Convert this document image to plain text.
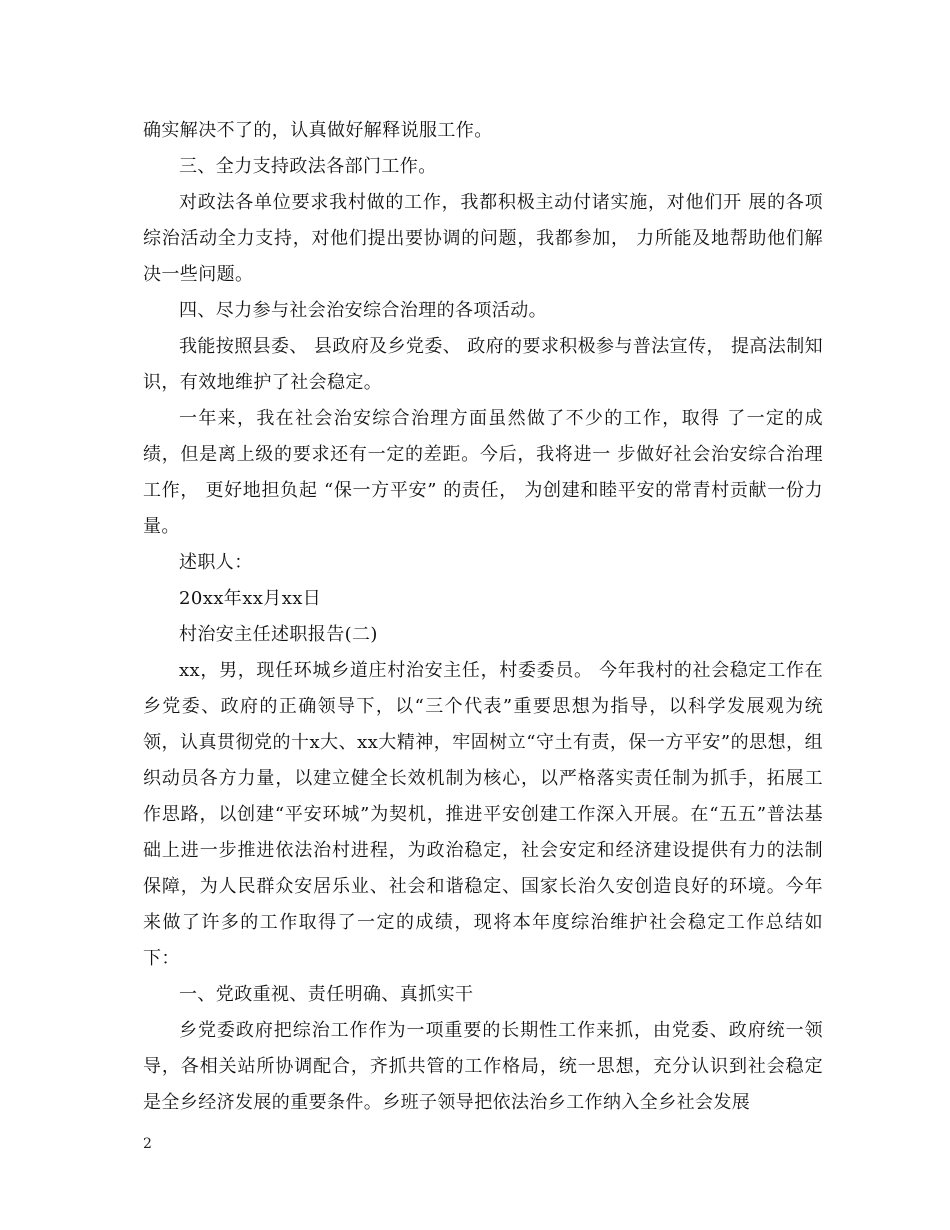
确实解决不了的，认真做好解释说服工作。

三、全力支持政法各部门工作。

对政法各单位要求我村做的工作，我都积极主动付诸实施，对他们开 展的各项综治活动全力支持，对他们提出要协调的问题，我都参加， 力所能及地帮助他们解决一些问题。

四、尽力参与社会治安综合治理的各项活动。

我能按照县委、 县政府及乡党委、 政府的要求积极参与普法宣传， 提高法制知识，有效地维护了社会稳定。

一年来，我在社会治安综合治理方面虽然做了不少的工作，取得 了一定的成绩，但是离上级的要求还有一定的差距。今后，我将进一 步做好社会治安综合治理工作， 更好地担负起 “保一方平安” 的责任， 为创建和睦平安的常青村贡献一份力量。

述职人：

20xx年xx月xx日

村治安主任述职报告(二)

xx，男，现任环城乡道庄村治安主任，村委委员。 今年我村的社会稳定工作在乡党委、政府的正确领导下，以“三个代表”重要思想为指导，以科学发展观为统领，认真贯彻党的十x大、xx大精神，牢固树立“守土有责，保一方平安”的思想，组织动员各方力量，以建立健全长效机制为核心，以严格落实责任制为抓手，拓展工作思路，以创建“平安环城”为契机，推进平安创建工作深入开展。在“五五”普法基础上进一步推进依法治村进程，为政治稳定，社会安定和经济建设提供有力的法制保障，为人民群众安居乐业、社会和谐稳定、国家长治久安创造良好的环境。今年来做了许多的工作取得了一定的成绩，现将本年度综治维护社会稳定工作总结如下：

一、党政重视、责任明确、真抓实干

乡党委政府把综治工作作为一项重要的长期性工作来抓，由党委、政府统一领导，各相关站所协调配合，齐抓共管的工作格局，统一思想，充分认识到社会稳定是全乡经济发展的重要条件。乡班子领导把依法治乡工作纳入全乡社会发展

2
